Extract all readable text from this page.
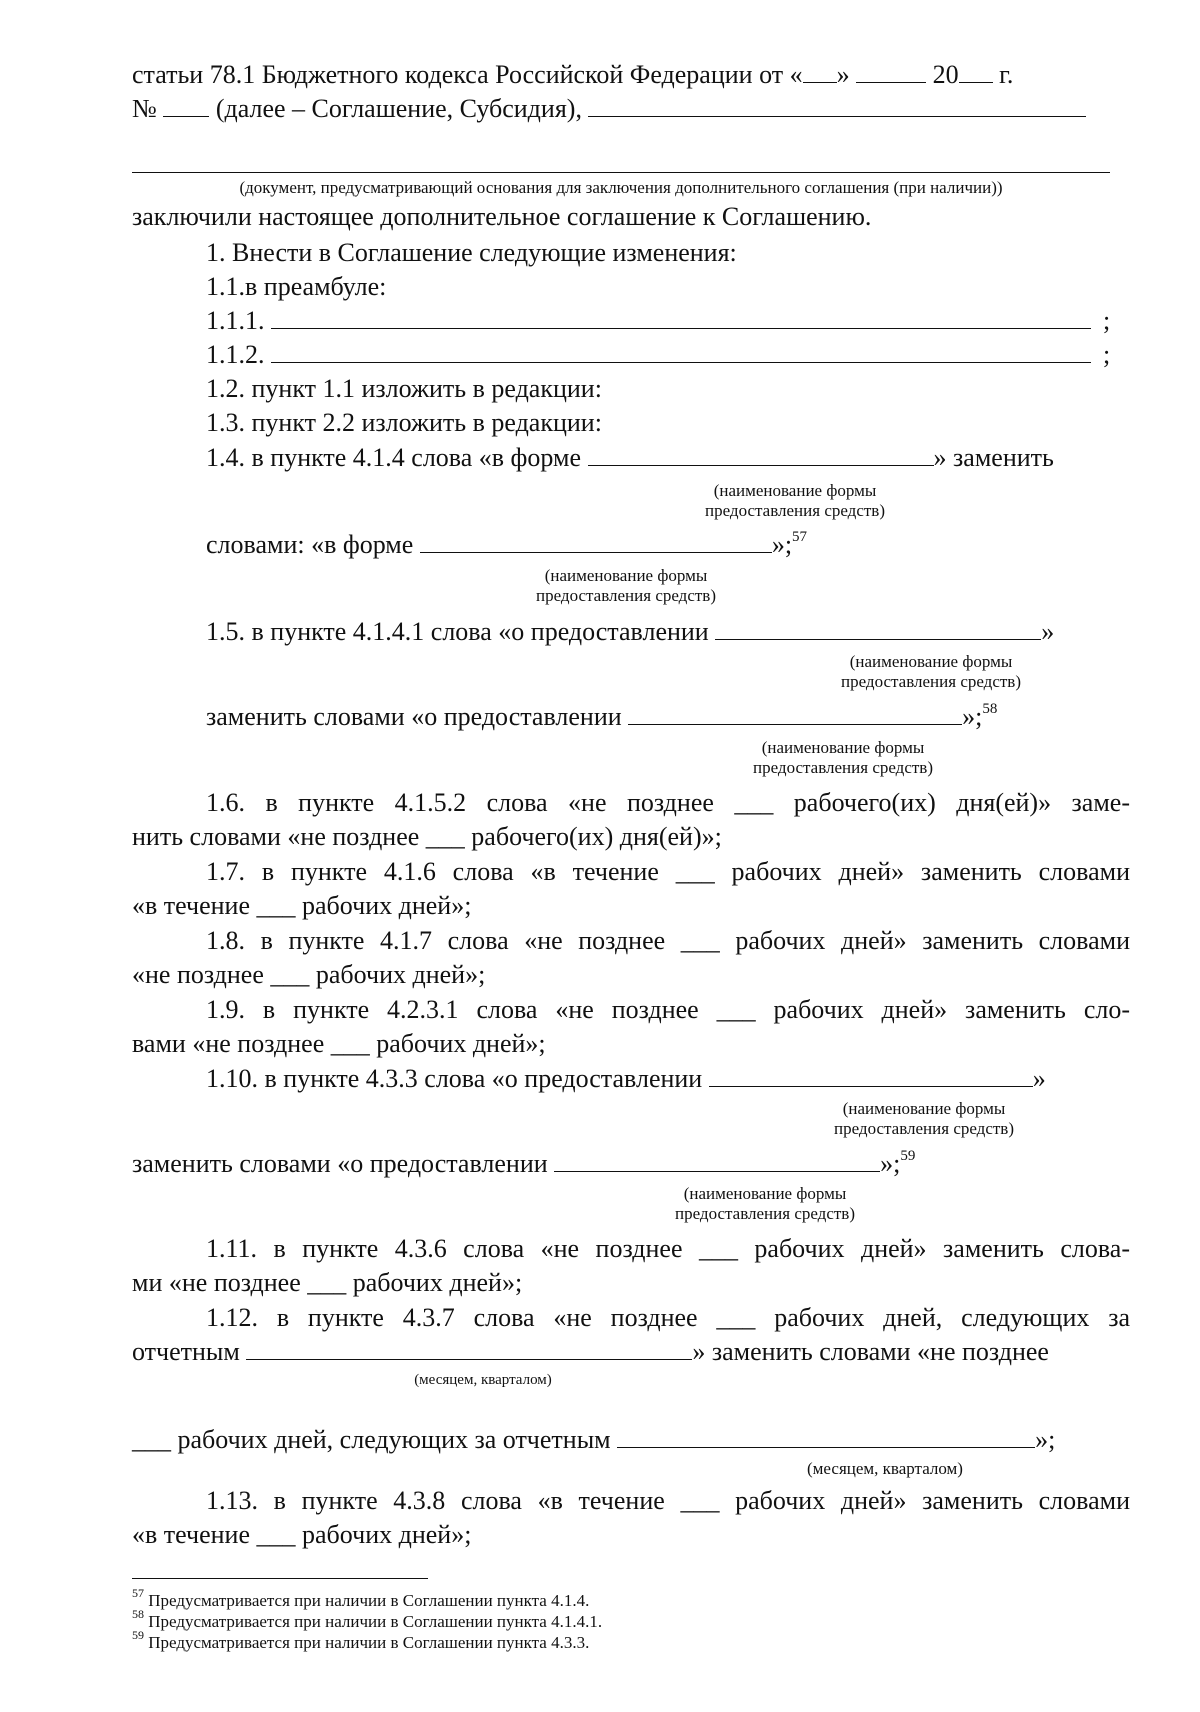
статьи 78.1 Бюджетного кодекса Российской Федерации от « »	20 г.
№  (далее – Соглашение, Субсидия),
(документ, предусматривающий основания для заключения дополнительного соглашения (при наличии))
заключили настоящее дополнительное соглашение к Соглашению.
1. Внести в Соглашение следующие изменения:
1.1.в преамбуле:
1.1.1.	;
1.1.2.	;
1.2. пункт 1.1 изложить в редакции:
1.3. пункт 2.2 изложить в редакции:
1.4. в пункте 4.1.4 слова «в форме	» заменить
(наименование формы
предоставления средств)
словами: «в форме	»;$^{57}$
(наименование формы
предоставления средств)
1.5. в пункте 4.1.4.1 слова «о предоставлении	»
(наименование формы
предоставления средств)
заменить словами «о предоставлении	»;$^{58}$
(наименование формы
предоставления средств)
1.6. в пункте 4.1.5.2 слова «не позднее ___ рабочего(их) дня(ей)» заме-
нить словами «не позднее ___ рабочего(их) дня(ей)»;
1.7. в пункте 4.1.6 слова «в течение ___ рабочих дней» заменить словами
«в течение ___ рабочих дней»;
1.8. в пункте 4.1.7 слова «не позднее ___ рабочих дней» заменить словами
«не позднее ___ рабочих дней»;
1.9. в пункте 4.2.3.1 слова «не позднее ___ рабочих дней» заменить сло-
вами «не позднее ___ рабочих дней»;
1.10. в пункте 4.3.3 слова «о предоставлении	»
(наименование формы
предоставления средств)
заменить словами «о предоставлении	»;$^{59}$
(наименование формы
предоставления средств)
1.11. в пункте 4.3.6 слова «не позднее ___ рабочих дней» заменить слова-
ми «не позднее ___ рабочих дней»;
1.12. в пункте 4.3.7 слова «не позднее ___ рабочих дней, следующих за
отчетным	» заменить словами «не позднее
(месяцем, кварталом)
___ рабочих дней, следующих за отчетным	»;
(месяцем, кварталом)
1.13. в пункте 4.3.8 слова «в течение ___ рабочих дней» заменить словами
«в течение ___ рабочих дней»;
$^{57}$ Предусматривается при наличии в Соглашении пункта 4.1.4.
$^{58}$ Предусматривается при наличии в Соглашении пункта 4.1.4.1.
$^{59}$ Предусматривается при наличии в Соглашении пункта 4.3.3.
